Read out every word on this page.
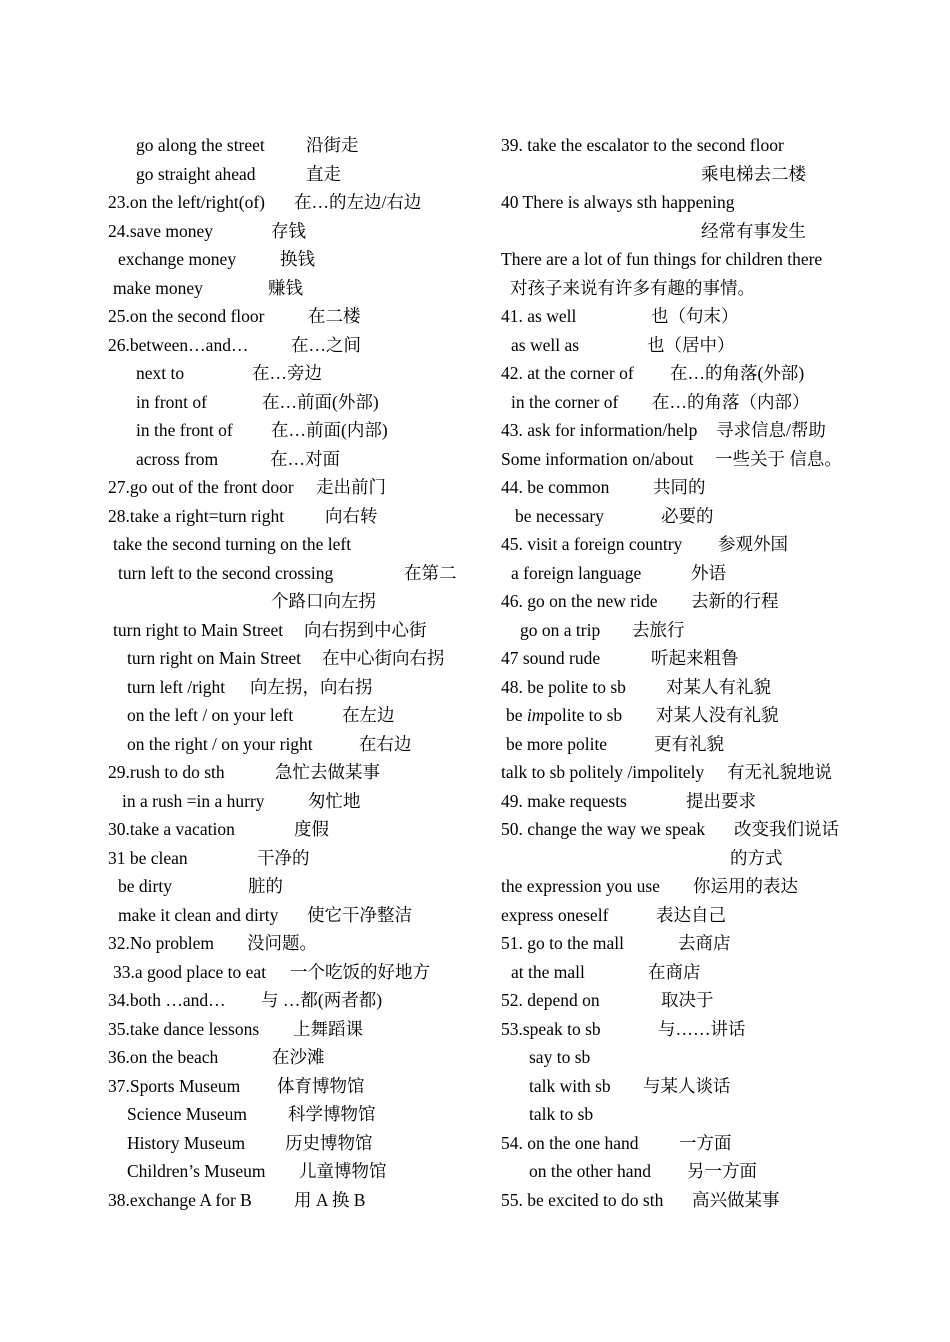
go along the street 沿街走
go straight ahead	直走
23.on the left/right(of) 在…的左边/右边
24.save money	存钱
exchange money	换钱
make money	赚钱
25.on the second floor 在二楼
26.between…and… 在…之间
next to	在…旁边
in front of	在…前面(外部)
in the front of 在…前面(内部)
across from	在…对面
27.go out of the front door 走出前门
28.take a right=turn right 向右转
take the second turning on the left
turn left to the second crossing	在第二
个路口向左拐
turn right to Main Street 向右拐到中心街
turn right on Main Street 在中心街向右拐
turn left /right 向左拐，向右拐
on the left / on your left	在左边
on the right / on your right	在右边
29.rush to do sth	急忙去做某事
in a rush =in a hurry 匆忙地
30.take a vacation	度假
31 be clean	干净的
be dirty	脏的
make it clean and dirty 使它干净整洁
32.No problem 没问题。
33.a good place to eat 一个吃饭的好地方
34.both …and… 与 …都(两者都)
35.take dance lessons 上舞蹈课
36.on the beach	在沙滩
37.Sports Museum 体育博物馆
Science Museum 科学博物馆
History Museum 历史博物馆
Children’s Museum 儿童博物馆
38.exchange A for B 用 A 换 B
39. take the escalator to the second floor
乘电梯去二楼
40 There is always sth happening
经常有事发生
There are a lot of fun things for children there
对孩子来说有许多有趣的事情。
41. as well	也（句末）
as well as	也（居中）
42. at the corner of 在…的角落(外部)
in the corner of 在…的角落（内部）
43. ask for information/help 寻求信息/帮助
Some information on/about 一些关于 信息。
44. be common 共同的
be necessary	必要的
45. visit a foreign country 参观外国
a foreign language	外语
46. go on the new ride 去新的行程
go on a trip 去旅行
47 sound rude	听起来粗鲁
48. be polite to sb 对某人有礼貌
be impolite to sb 对某人没有礼貌
be more polite	更有礼貌
talk to sb politely /impolitely 有无礼貌地说
49. make requests	提出要求
50. change the way we speak 改变我们说话
的方式
the expression you use 你运用的表达
express oneself	表达自己
51. go to the mall	去商店
at the mall	在商店
52. depend on	取决于
53.speak to sb	与……讲话
say to sb
talk with sb 与某人谈话
talk to sb
54. on the one hand 一方面
on the other hand 另一方面
55. be excited to do sth 高兴做某事
